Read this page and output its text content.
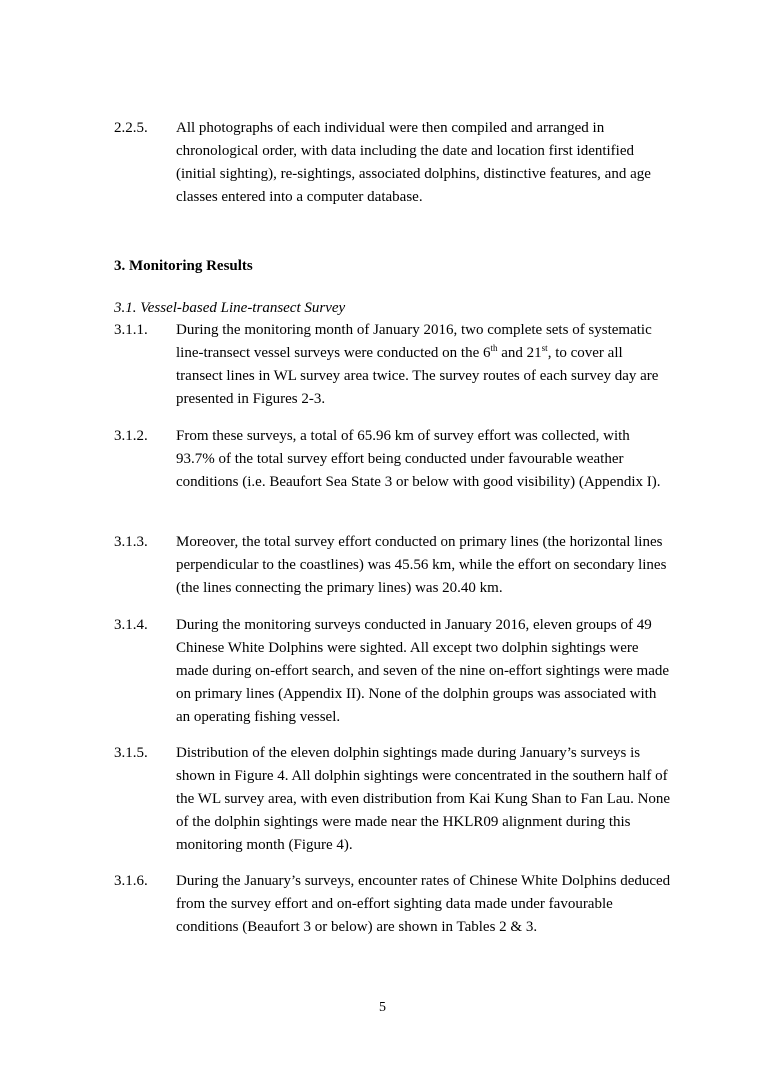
2.2.5. All photographs of each individual were then compiled and arranged in chronological order, with data including the date and location first identified (initial sighting), re-sightings, associated dolphins, distinctive features, and age classes entered into a computer database.
3. Monitoring Results
3.1. Vessel-based Line-transect Survey
3.1.1. During the monitoring month of January 2016, two complete sets of systematic line-transect vessel surveys were conducted on the 6th and 21st, to cover all transect lines in WL survey area twice. The survey routes of each survey day are presented in Figures 2-3.
3.1.2. From these surveys, a total of 65.96 km of survey effort was collected, with 93.7% of the total survey effort being conducted under favourable weather conditions (i.e. Beaufort Sea State 3 or below with good visibility) (Appendix I).
3.1.3. Moreover, the total survey effort conducted on primary lines (the horizontal lines perpendicular to the coastlines) was 45.56 km, while the effort on secondary lines (the lines connecting the primary lines) was 20.40 km.
3.1.4. During the monitoring surveys conducted in January 2016, eleven groups of 49 Chinese White Dolphins were sighted. All except two dolphin sightings were made during on-effort search, and seven of the nine on-effort sightings were made on primary lines (Appendix II). None of the dolphin groups was associated with an operating fishing vessel.
3.1.5. Distribution of the eleven dolphin sightings made during January’s surveys is shown in Figure 4. All dolphin sightings were concentrated in the southern half of the WL survey area, with even distribution from Kai Kung Shan to Fan Lau. None of the dolphin sightings were made near the HKLR09 alignment during this monitoring month (Figure 4).
3.1.6. During the January’s surveys, encounter rates of Chinese White Dolphins deduced from the survey effort and on-effort sighting data made under favourable conditions (Beaufort 3 or below) are shown in Tables 2 & 3.
5
